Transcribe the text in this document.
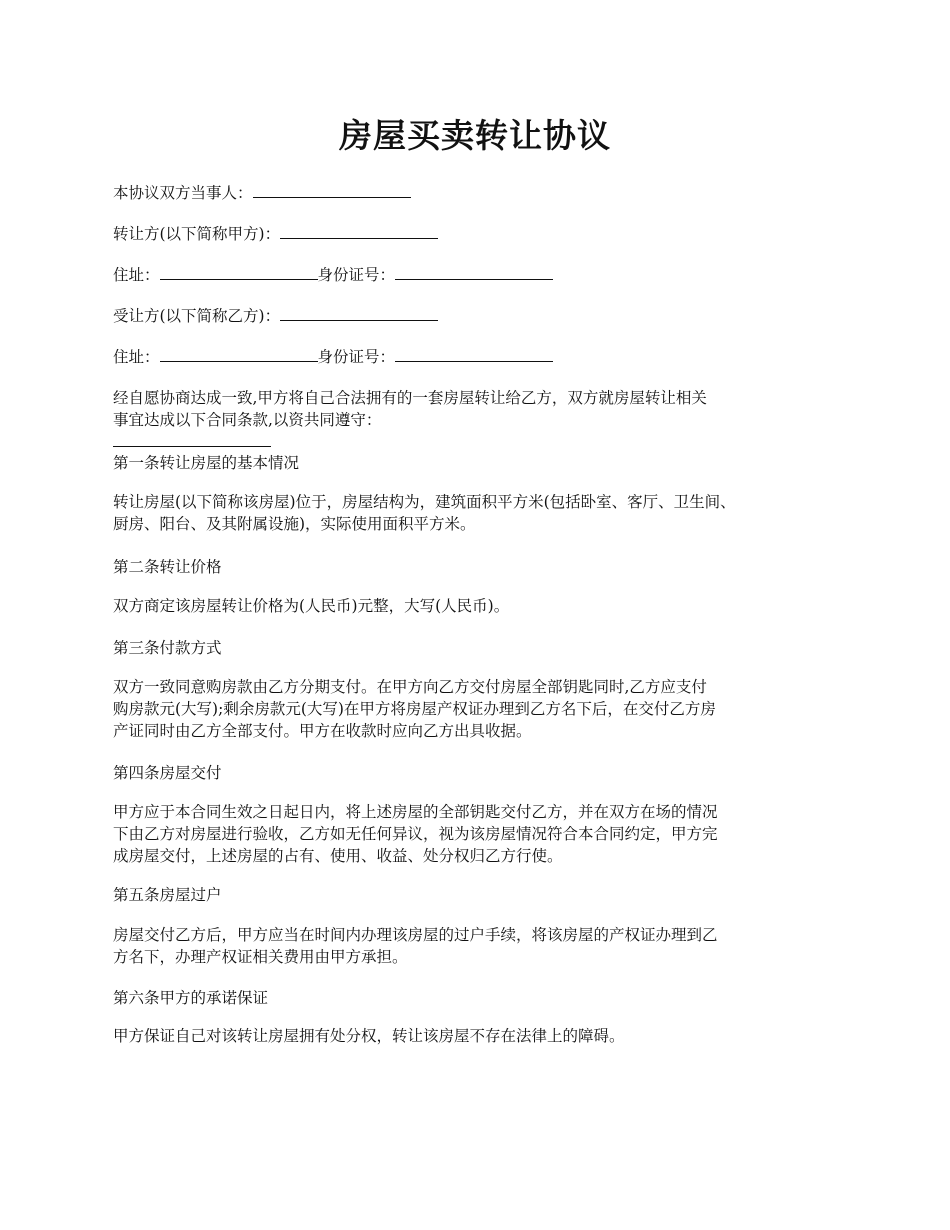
房屋买卖转让协议
本协议双方当事人：
转让方(以下简称甲方)：
住址：	身份证号：
受让方(以下简称乙方)：
住址：	身份证号：
经自愿协商达成一致,甲方将自己合法拥有的一套房屋转让给乙方，双方就房屋转让相关
事宜达成以下合同条款,以资共同遵守：
第一条转让房屋的基本情况
转让房屋(以下简称该房屋)位于，房屋结构为，建筑面积平方米(包括卧室、客厅、卫生间、
厨房、阳台、及其附属设施)，实际使用面积平方米。
第二条转让价格
双方商定该房屋转让价格为(人民币)元整，大写(人民币)。
第三条付款方式
双方一致同意购房款由乙方分期支付。在甲方向乙方交付房屋全部钥匙同时,乙方应支付
购房款元(大写);剩余房款元(大写)在甲方将房屋产权证办理到乙方名下后，在交付乙方房
产证同时由乙方全部支付。甲方在收款时应向乙方出具收据。
第四条房屋交付
甲方应于本合同生效之日起日内，将上述房屋的全部钥匙交付乙方，并在双方在场的情况
下由乙方对房屋进行验收，乙方如无任何异议，视为该房屋情况符合本合同约定，甲方完
成房屋交付，上述房屋的占有、使用、收益、处分权归乙方行使。
第五条房屋过户
房屋交付乙方后，甲方应当在时间内办理该房屋的过户手续，将该房屋的产权证办理到乙
方名下，办理产权证相关费用由甲方承担。
第六条甲方的承诺保证
甲方保证自己对该转让房屋拥有处分权，转让该房屋不存在法律上的障碍。
